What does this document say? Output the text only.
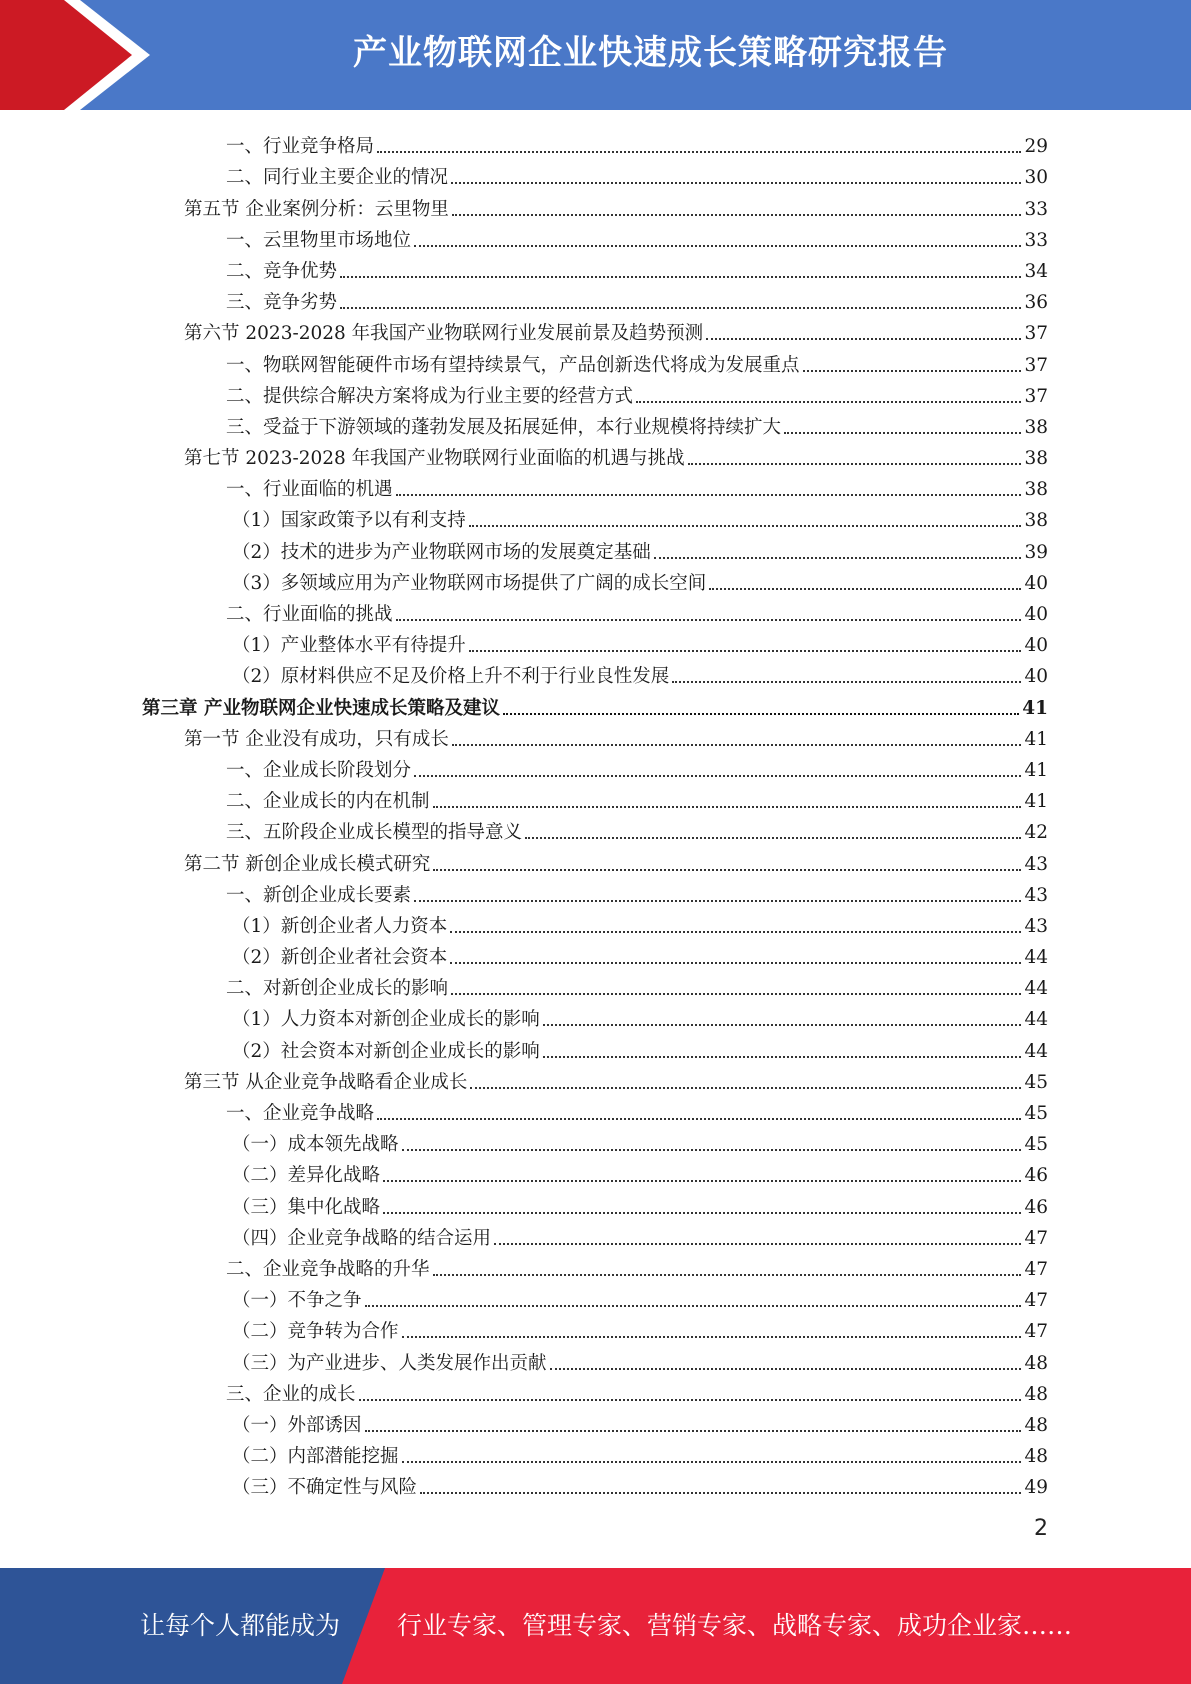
产业物联网企业快速成长策略研究报告
一、行业竞争格局	29
二、同行业主要企业的情况	30
第五节 企业案例分析：云里物里	33
一、云里物里市场地位	33
二、竞争优势	34
三、竞争劣势	36
第六节 2023-2028 年我国产业物联网行业发展前景及趋势预测	37
一、物联网智能硬件市场有望持续景气，产品创新迭代将成为发展重点	37
二、提供综合解决方案将成为行业主要的经营方式	37
三、受益于下游领域的蓬勃发展及拓展延伸，本行业规模将持续扩大	38
第七节 2023-2028 年我国产业物联网行业面临的机遇与挑战	38
一、行业面临的机遇	38
（1）国家政策予以有利支持	38
（2）技术的进步为产业物联网市场的发展奠定基础	39
（3）多领域应用为产业物联网市场提供了广阔的成长空间	40
二、行业面临的挑战	40
（1）产业整体水平有待提升	40
（2）原材料供应不足及价格上升不利于行业良性发展	40
第三章 产业物联网企业快速成长策略及建议	41
第一节 企业没有成功，只有成长	41
一、企业成长阶段划分	41
二、企业成长的内在机制	41
三、五阶段企业成长模型的指导意义	42
第二节 新创企业成长模式研究	43
一、新创企业成长要素	43
（1）新创企业者人力资本	43
（2）新创企业者社会资本	44
二、对新创企业成长的影响	44
（1）人力资本对新创企业成长的影响	44
（2）社会资本对新创企业成长的影响	44
第三节 从企业竞争战略看企业成长	45
一、企业竞争战略	45
（一）成本领先战略	45
（二）差异化战略	46
（三）集中化战略	46
（四）企业竞争战略的结合运用	47
二、企业竞争战略的升华	47
（一）不争之争	47
（二）竞争转为合作	47
（三）为产业进步、人类发展作出贡献	48
三、企业的成长	48
（一）外部诱因	48
（二）内部潜能挖掘	48
（三）不确定性与风险	49
2
让每个人都能成为 行业专家、管理专家、营销专家、战略专家、成功企业家……
